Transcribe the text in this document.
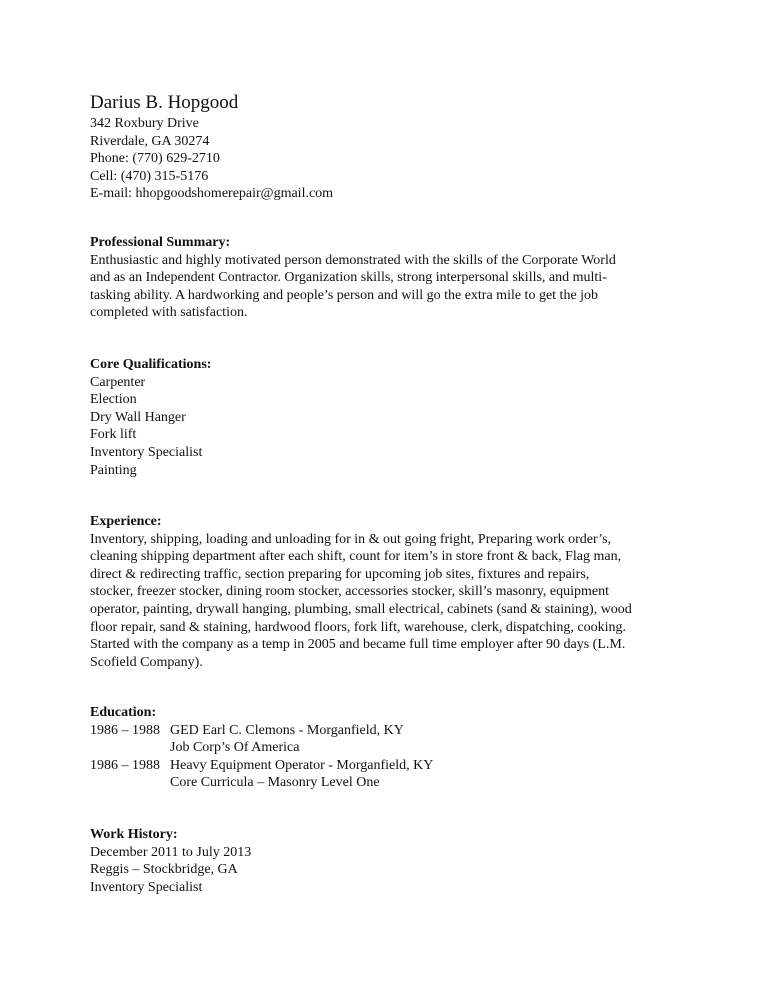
Darius B. Hopgood

342 Roxbury Drive

Riverdale, GA 30274

Phone: (770) 629-2710

Cell: (470) 315-5176

E-mail: hhopgoodshomerepair@gmail.com

Professional Summary:

Enthusiastic and highly motivated person demonstrated with the skills of the Corporate World

and as an Independent Contractor. Organization skills, strong interpersonal skills, and multi-

tasking ability. A hardworking and people’s person and will go the extra mile to get the job

completed with satisfaction.

Core Qualifications:

Carpenter

Election

Dry Wall Hanger

Fork lift

Inventory Specialist

Painting

Experience:

Inventory, shipping, loading and unloading for in & out going fright, Preparing work order’s,

cleaning shipping department after each shift, count for item’s in store front & back, Flag man,

direct & redirecting traffic, section preparing for upcoming job sites, fixtures and repairs,

stocker, freezer stocker, dining room stocker, accessories stocker, skill’s masonry, equipment

operator, painting, drywall hanging, plumbing, small electrical, cabinets (sand & staining), wood

floor repair, sand & staining, hardwood floors, fork lift, warehouse, clerk, dispatching, cooking.

Started with the company as a temp in 2005 and became full time employer after 90 days (L.M.

Scofield Company).

Education:

1986 – 1988 GED Earl C. Clemons - Morganfield, KY
Job Corp’s Of America
1986 – 1988 Heavy Equipment Operator - Morganfield, KY
Core Curricula – Masonry Level One

Work History:

December 2011 to July 2013

Reggis – Stockbridge, GA

Inventory Specialist
